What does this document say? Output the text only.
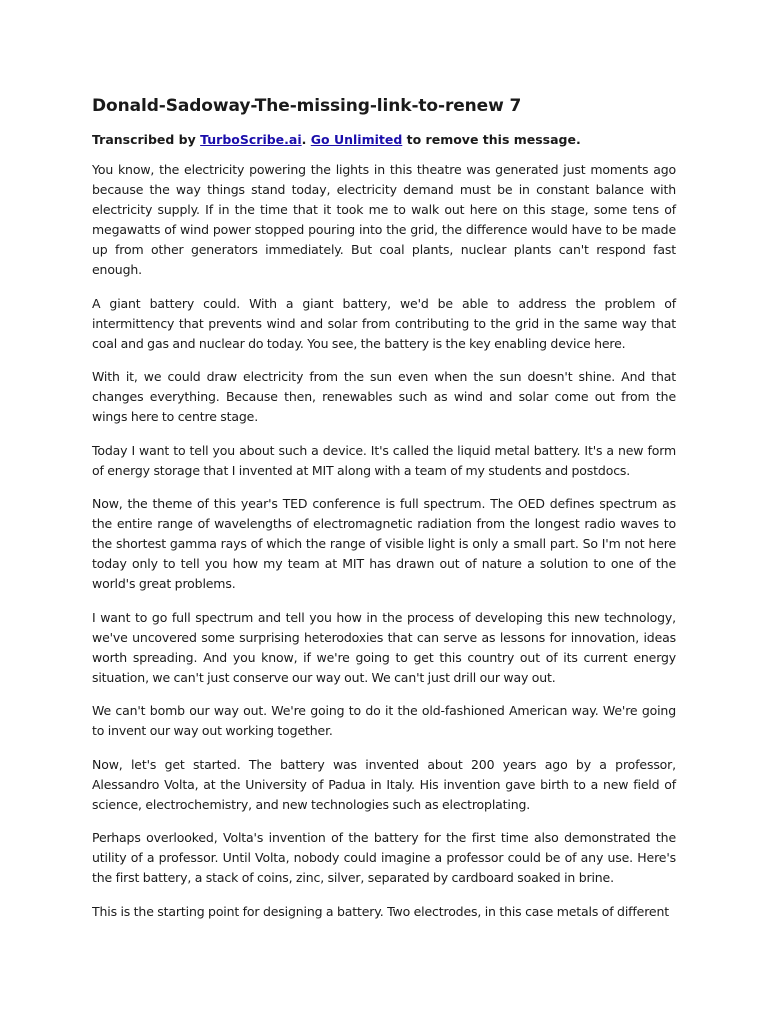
Donald-Sadoway-The-missing-link-to-renew 7

Transcribed by TurboScribe.ai. Go Unlimited to remove this message.

You know, the electricity powering the lights in this theatre was generated just moments ago because the way things stand today, electricity demand must be in constant balance with electricity supply. If in the time that it took me to walk out here on this stage, some tens of megawatts of wind power stopped pouring into the grid, the difference would have to be made up from other generators immediately. But coal plants, nuclear plants can't respond fast enough.

A giant battery could. With a giant battery, we'd be able to address the problem of intermittency that prevents wind and solar from contributing to the grid in the same way that coal and gas and nuclear do today. You see, the battery is the key enabling device here.

With it, we could draw electricity from the sun even when the sun doesn't shine. And that changes everything. Because then, renewables such as wind and solar come out from the wings here to centre stage.

Today I want to tell you about such a device. It's called the liquid metal battery. It's a new form of energy storage that I invented at MIT along with a team of my students and postdocs.

Now, the theme of this year's TED conference is full spectrum. The OED defines spectrum as the entire range of wavelengths of electromagnetic radiation from the longest radio waves to the shortest gamma rays of which the range of visible light is only a small part. So I'm not here today only to tell you how my team at MIT has drawn out of nature a solution to one of the world's great problems.

I want to go full spectrum and tell you how in the process of developing this new technology, we've uncovered some surprising heterodoxies that can serve as lessons for innovation, ideas worth spreading. And you know, if we're going to get this country out of its current energy situation, we can't just conserve our way out. We can't just drill our way out.

We can't bomb our way out. We're going to do it the old-fashioned American way. We're going to invent our way out working together.

Now, let's get started. The battery was invented about 200 years ago by a professor, Alessandro Volta, at the University of Padua in Italy. His invention gave birth to a new field of science, electrochemistry, and new technologies such as electroplating.

Perhaps overlooked, Volta's invention of the battery for the first time also demonstrated the utility of a professor. Until Volta, nobody could imagine a professor could be of any use. Here's the first battery, a stack of coins, zinc, silver, separated by cardboard soaked in brine.

This is the starting point for designing a battery. Two electrodes, in this case metals of different
